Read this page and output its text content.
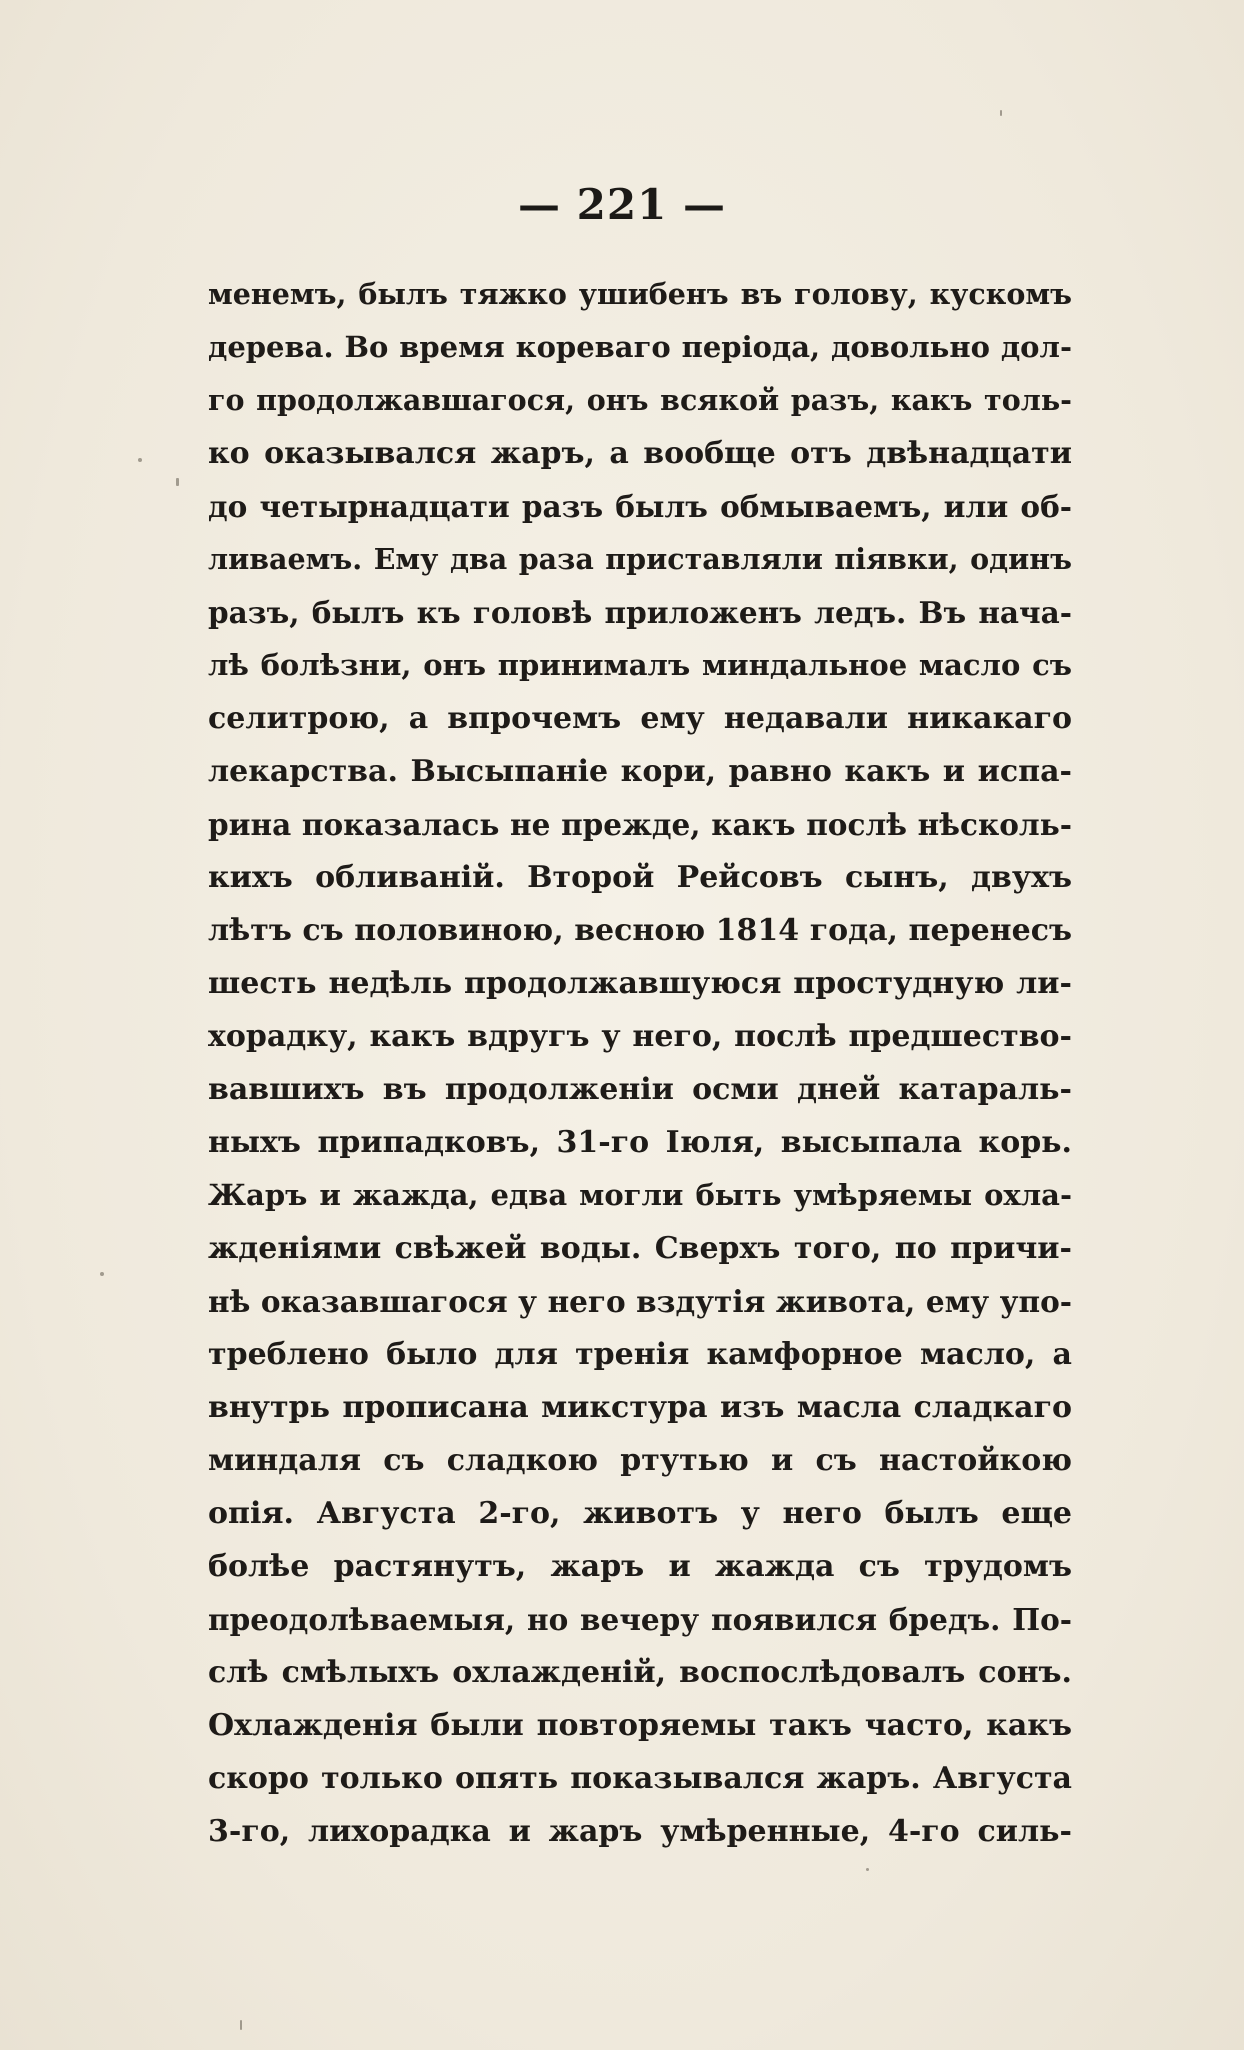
— 221 —
менемъ, былъ тяжко ушибенъ въ голову, кускомъ
дерева. Во время кореваго періода, довольно дол-
го продолжавшагося, онъ всякой разъ, какъ толь-
ко оказывался жаръ, а вообще отъ двѣнадцати
до четырнадцати разъ былъ обмываемъ, или об-
ливаемъ. Ему два раза приставляли піявки, одинъ
разъ, былъ къ головѣ приложенъ ледъ. Въ нача-
лѣ болѣзни, онъ принималъ миндальное масло съ
селитрою, а впрочемъ ему недавали никакаго
лекарства. Высыпаніе кори, равно какъ и испа-
рина показалась не прежде, какъ послѣ нѣсколь-
кихъ обливаній. Второй Рейсовъ сынъ, двухъ
лѣтъ съ половиною, весною 1814 года, перенесъ
шесть недѣль продолжавшуюся простудную ли-
хорадку, какъ вдругъ у него, послѣ предшество-
вавшихъ въ продолженіи осми дней катараль-
ныхъ припадковъ, 31-го Іюля, высыпала корь.
Жаръ и жажда, едва могли быть умѣряемы охла-
жденіями свѣжей воды. Сверхъ того, по причи-
нѣ оказавшагося у него вздутія живота, ему упо-
треблено было для тренія камфорное масло, а
внутрь прописана микстура изъ масла сладкаго
миндаля съ сладкою ртутью и съ настойкою
опія. Августа 2-го, животъ у него былъ еще
болѣе растянутъ, жаръ и жажда съ трудомъ
преодолѣваемыя, но вечеру появился бредъ. По-
слѣ смѣлыхъ охлажденій, воспослѣдовалъ сонъ.
Охлажденія были повторяемы такъ часто, какъ
скоро только опять показывался жаръ. Августа
3-го, лихорадка и жаръ умѣренные, 4-го силь-
